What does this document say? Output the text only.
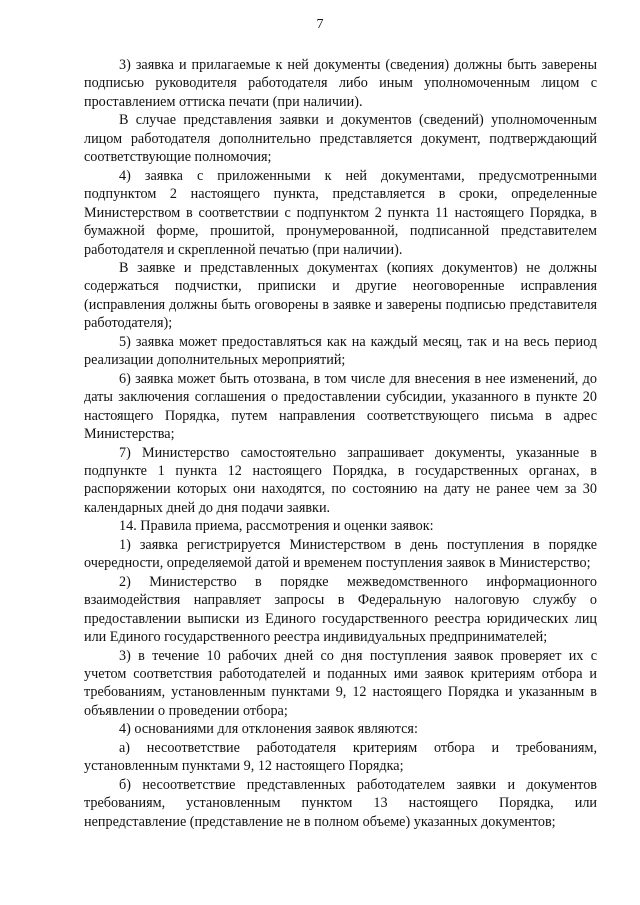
7

3) заявка и прилагаемые к ней документы (сведения) должны быть заверены подписью руководителя работодателя либо иным уполномоченным лицом с проставлением оттиска печати (при наличии).

В случае представления заявки и документов (сведений) уполномоченным лицом работодателя дополнительно представляется документ, подтверждающий соответствующие полномочия;

4) заявка с приложенными к ней документами, предусмотренными подпунктом 2 настоящего пункта, представляется в сроки, определенные Министерством в соответствии с подпунктом 2 пункта 11 настоящего Порядка, в бумажной форме, прошитой, пронумерованной, подписанной представителем работодателя и скрепленной печатью (при наличии).

В заявке и представленных документах (копиях документов) не должны содержаться подчистки, приписки и другие неоговоренные исправления (исправления должны быть оговорены в заявке и заверены подписью представителя работодателя);

5) заявка может предоставляться как на каждый месяц, так и на весь период реализации дополнительных мероприятий;

6) заявка может быть отозвана, в том числе для внесения в нее изменений, до даты заключения соглашения о предоставлении субсидии, указанного в пункте 20 настоящего Порядка, путем направления соответствующего письма в адрес Министерства;

7) Министерство самостоятельно запрашивает документы, указанные в подпункте 1 пункта 12 настоящего Порядка, в государственных органах, в распоряжении которых они находятся, по состоянию на дату не ранее чем за 30 календарных дней до дня подачи заявки.

14. Правила приема, рассмотрения и оценки заявок:

1) заявка регистрируется Министерством в день поступления в порядке очередности, определяемой датой и временем поступления заявок в Министерство;

2) Министерство в порядке межведомственного информационного взаимодействия направляет запросы в Федеральную налоговую службу о предоставлении выписки из Единого государственного реестра юридических лиц или Единого государственного реестра индивидуальных предпринимателей;

3) в течение 10 рабочих дней со дня поступления заявок проверяет их с учетом соответствия работодателей и поданных ими заявок критериям отбора и требованиям, установленным пунктами 9, 12 настоящего Порядка и указанным в объявлении о проведении отбора;

4) основаниями для отклонения заявок являются:

а) несоответствие работодателя критериям отбора и требованиям, установленным пунктами 9, 12 настоящего Порядка;

б) несоответствие представленных работодателем заявки и документов требованиям, установленным пунктом 13 настоящего Порядка, или непредставление (представление не в полном объеме) указанных документов;
